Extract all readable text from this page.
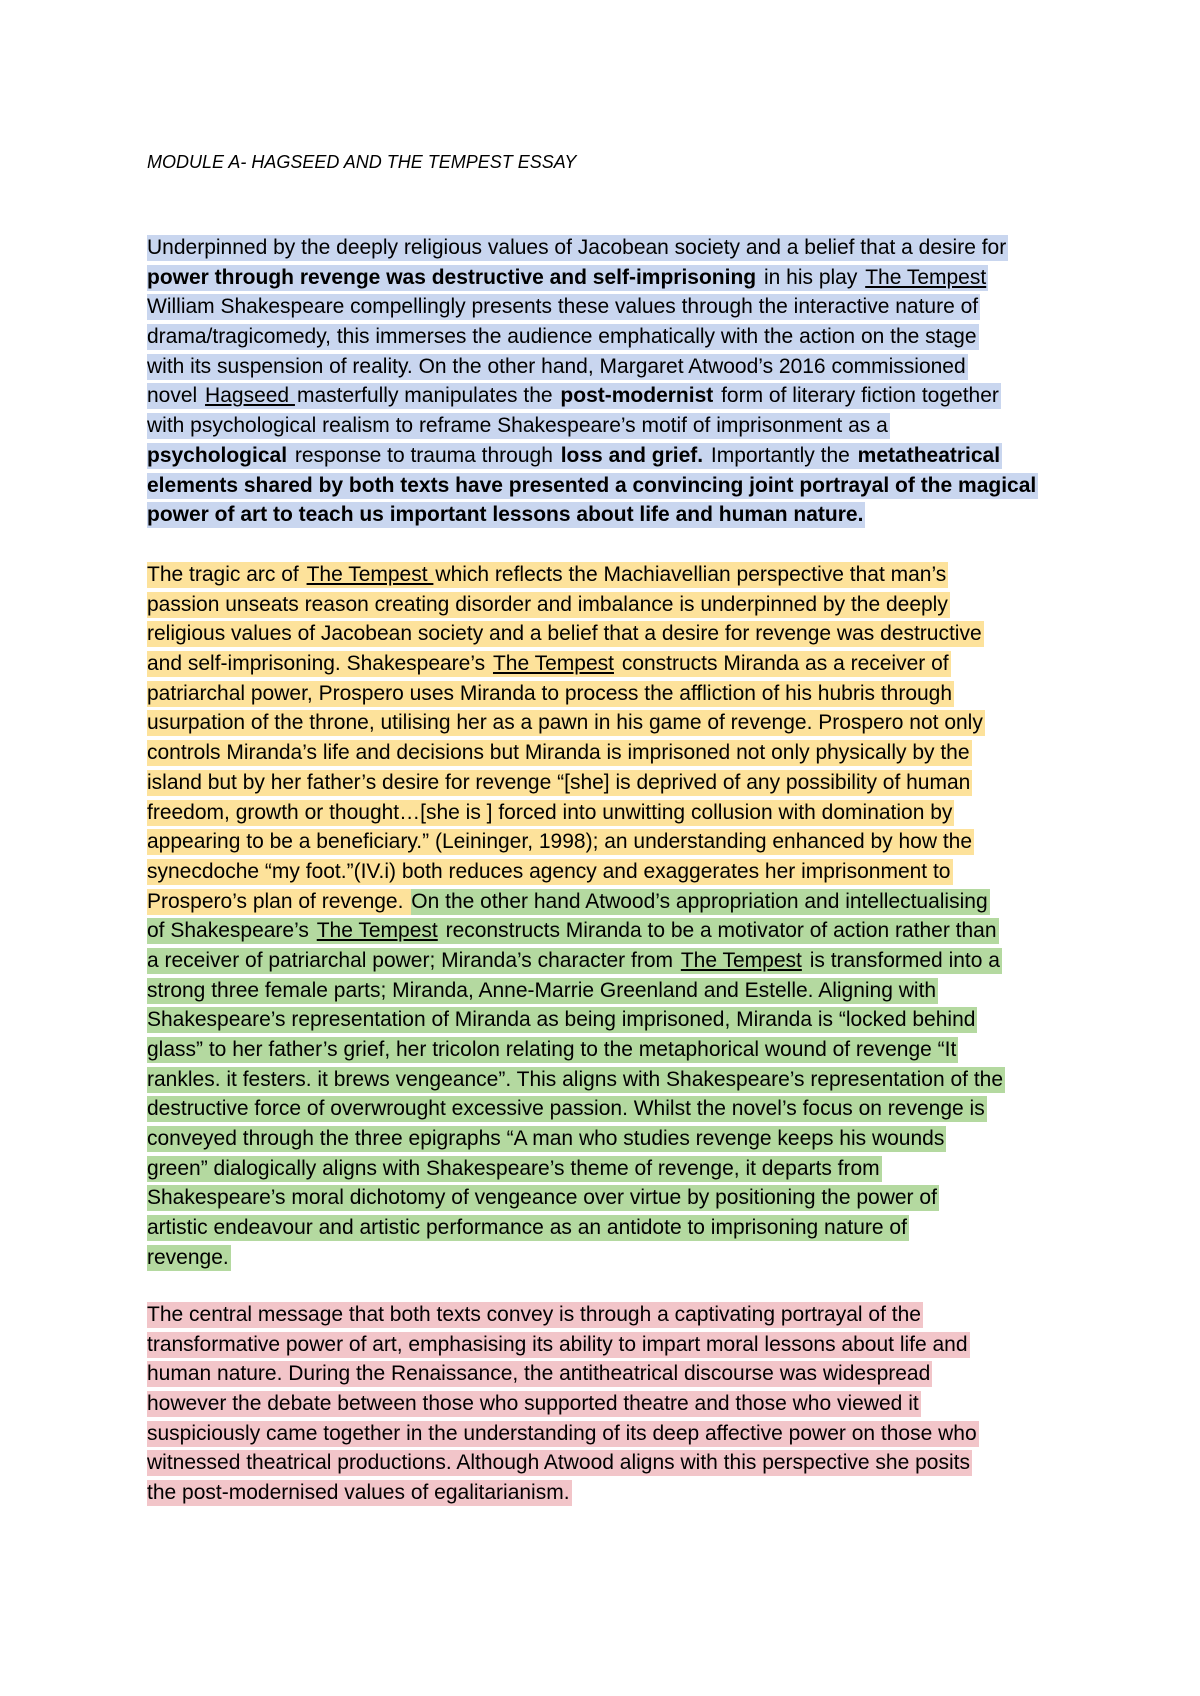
MODULE A- HAGSEED AND THE TEMPEST ESSAY
Underpinned by the deeply religious values of Jacobean society and a belief that a desire for
power through revenge was destructive and self-imprisoning in his play The Tempest
William Shakespeare compellingly presents these values through the interactive nature of
drama/tragicomedy, this immerses the audience emphatically with the action on the stage
with its suspension of reality. On the other hand, Margaret Atwood’s 2016 commissioned
novel Hagseed masterfully manipulates the post-modernist form of literary fiction together
with psychological realism to reframe Shakespeare’s motif of imprisonment as a
psychological response to trauma through loss and grief. Importantly the metatheatrical
elements shared by both texts have presented a convincing joint portrayal of the magical
power of art to teach us important lessons about life and human nature.
The tragic arc of The Tempest which reflects the Machiavellian perspective that man’s
passion unseats reason creating disorder and imbalance is underpinned by the deeply
religious values of Jacobean society and a belief that a desire for revenge was destructive
and self-imprisoning. Shakespeare’s The Tempest constructs Miranda as a receiver of
patriarchal power, Prospero uses Miranda to process the affliction of his hubris through
usurpation of the throne, utilising her as a pawn in his game of revenge. Prospero not only
controls Miranda’s life and decisions but Miranda is imprisoned not only physically by the
island but by her father’s desire for revenge “[she] is deprived of any possibility of human
freedom, growth or thought…[she is ] forced into unwitting collusion with domination by
appearing to be a beneficiary.” (Leininger, 1998); an understanding enhanced by how the
synecdoche “my foot.”(IV.i) both reduces agency and exaggerates her imprisonment to
Prospero’s plan of revenge. On the other hand Atwood’s appropriation and intellectualising
of Shakespeare’s The Tempest reconstructs Miranda to be a motivator of action rather than
a receiver of patriarchal power; Miranda’s character from The Tempest is transformed into a
strong three female parts; Miranda, Anne-Marrie Greenland and Estelle. Aligning with
Shakespeare’s representation of Miranda as being imprisoned, Miranda is “locked behind
glass” to her father’s grief, her tricolon relating to the metaphorical wound of revenge “It
rankles. it festers. it brews vengeance”. This aligns with Shakespeare’s representation of the
destructive force of overwrought excessive passion. Whilst the novel’s focus on revenge is
conveyed through the three epigraphs “A man who studies revenge keeps his wounds
green” dialogically aligns with Shakespeare’s theme of revenge, it departs from
Shakespeare’s moral dichotomy of vengeance over virtue by positioning the power of
artistic endeavour and artistic performance as an antidote to imprisoning nature of
revenge.
The central message that both texts convey is through a captivating portrayal of the
transformative power of art, emphasising its ability to impart moral lessons about life and
human nature. During the Renaissance, the antitheatrical discourse was widespread
however the debate between those who supported theatre and those who viewed it
suspiciously came together in the understanding of its deep affective power on those who
witnessed theatrical productions. Although Atwood aligns with this perspective she posits
the post-modernised values of egalitarianism.
